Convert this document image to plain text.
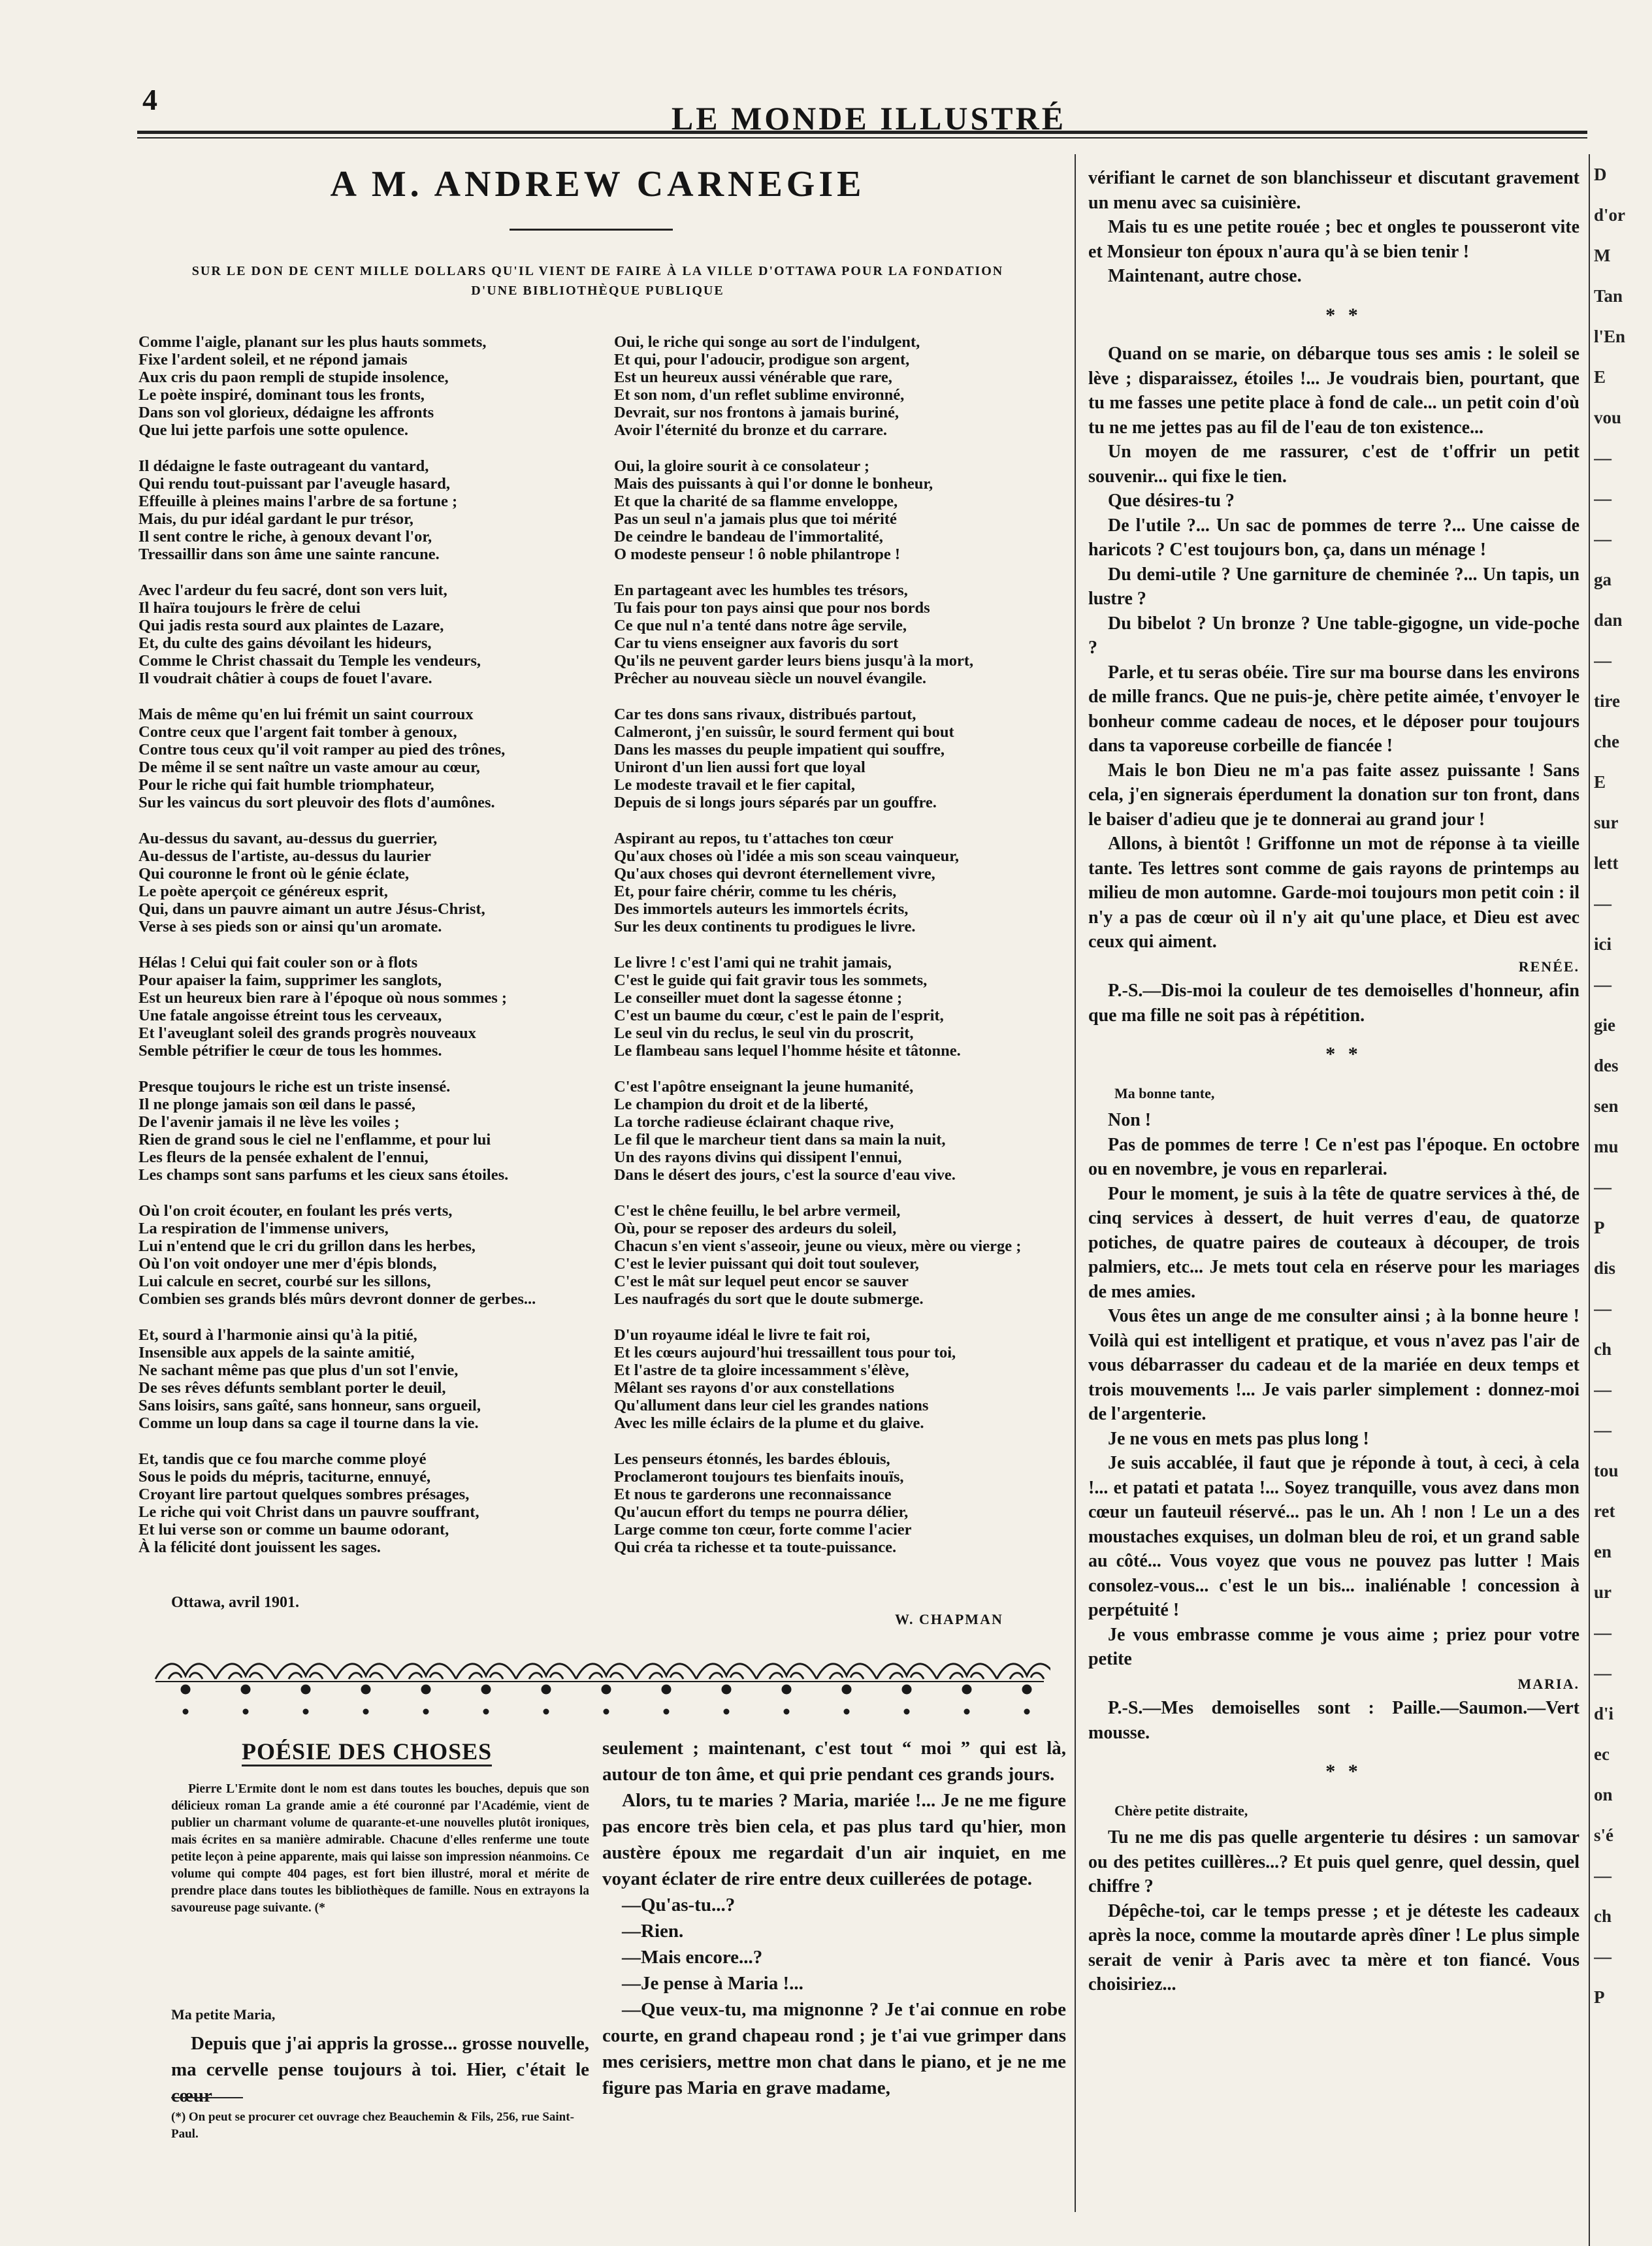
4
LE MONDE ILLUSTRÉ
A M. ANDREW CARNEGIE
SUR LE DON DE CENT MILLE DOLLARS QU'IL VIENT DE FAIRE À LA VILLE D'OTTAWA POUR LA FONDATION
D'UNE BIBLIOTHÈQUE PUBLIQUE

Comme l'aigle, planant sur les plus hauts sommets,
Fixe l'ardent soleil, et ne répond jamais
Aux cris du paon rempli de stupide insolence,
Le poète inspiré, dominant tous les fronts,
Dans son vol glorieux, dédaigne les affronts
Que lui jette parfois une sotte opulence.

Il dédaigne le faste outrageant du vantard,
Qui rendu tout-puissant par l'aveugle hasard,
Effeuille à pleines mains l'arbre de sa fortune ;
Mais, du pur idéal gardant le pur trésor,
Il sent contre le riche, à genoux devant l'or,
Tressaillir dans son âme une sainte rancune.

Avec l'ardeur du feu sacré, dont son vers luit,
Il haïra toujours le frère de celui
Qui jadis resta sourd aux plaintes de Lazare,
Et, du culte des gains dévoilant les hideurs,
Comme le Christ chassait du Temple les vendeurs,
Il voudrait châtier à coups de fouet l'avare.

Mais de même qu'en lui frémit un saint courroux
Contre ceux que l'argent fait tomber à genoux,
Contre tous ceux qu'il voit ramper au pied des trônes,
De même il se sent naître un vaste amour au cœur,
Pour le riche qui fait humble triomphateur,
Sur les vaincus du sort pleuvoir des flots d'aumônes.

Au-dessus du savant, au-dessus du guerrier,
Au-dessus de l'artiste, au-dessus du laurier
Qui couronne le front où le génie éclate,
Le poète aperçoit ce généreux esprit,
Qui, dans un pauvre aimant un autre Jésus-Christ,
Verse à ses pieds son or ainsi qu'un aromate.

Hélas ! Celui qui fait couler son or à flots
Pour apaiser la faim, supprimer les sanglots,
Est un heureux bien rare à l'époque où nous sommes ;
Une fatale angoisse étreint tous les cerveaux,
Et l'aveuglant soleil des grands progrès nouveaux
Semble pétrifier le cœur de tous les hommes.

Presque toujours le riche est un triste insensé.
Il ne plonge jamais son œil dans le passé,
De l'avenir jamais il ne lève les voiles ;
Rien de grand sous le ciel ne l'enflamme, et pour lui
Les fleurs de la pensée exhalent de l'ennui,
Les champs sont sans parfums et les cieux sans étoiles.

Où l'on croit écouter, en foulant les prés verts,
La respiration de l'immense univers,
Lui n'entend que le cri du grillon dans les herbes,
Où l'on voit ondoyer une mer d'épis blonds,
Lui calcule en secret, courbé sur les sillons,
Combien ses grands blés mûrs devront donner de gerbes...

Et, sourd à l'harmonie ainsi qu'à la pitié,
Insensible aux appels de la sainte amitié,
Ne sachant même pas que plus d'un sot l'envie,
De ses rêves défunts semblant porter le deuil,
Sans loisirs, sans gaîté, sans honneur, sans orgueil,
Comme un loup dans sa cage il tourne dans la vie.

Et, tandis que ce fou marche comme ployé
Sous le poids du mépris, taciturne, ennuyé,
Croyant lire partout quelques sombres présages,
Le riche qui voit Christ dans un pauvre souffrant,
Et lui verse son or comme un baume odorant,
À la félicité dont jouissent les sages.

Oui, le riche qui songe au sort de l'indulgent,
Et qui, pour l'adoucir, prodigue son argent,
Est un heureux aussi vénérable que rare,
Et son nom, d'un reflet sublime environné,
Devrait, sur nos frontons à jamais buriné,
Avoir l'éternité du bronze et du carrare.

Oui, la gloire sourit à ce consolateur ;
Mais des puissants à qui l'or donne le bonheur,
Et que la charité de sa flamme enveloppe,
Pas un seul n'a jamais plus que toi mérité
De ceindre le bandeau de l'immortalité,
O modeste penseur ! ô noble philantrope !

En partageant avec les humbles tes trésors,
Tu fais pour ton pays ainsi que pour nos bords
Ce que nul n'a tenté dans notre âge servile,
Car tu viens enseigner aux favoris du sort
Qu'ils ne peuvent garder leurs biens jusqu'à la mort,
Prêcher au nouveau siècle un nouvel évangile.

Car tes dons sans rivaux, distribués partout,
Calmeront, j'en suissûr, le sourd ferment qui bout
Dans les masses du peuple impatient qui souffre,
Uniront d'un lien aussi fort que loyal
Le modeste travail et le fier capital,
Depuis de si longs jours séparés par un gouffre.

Aspirant au repos, tu t'attaches ton cœur
Qu'aux choses où l'idée a mis son sceau vainqueur,
Qu'aux choses qui devront éternellement vivre,
Et, pour faire chérir, comme tu les chéris,
Des immortels auteurs les immortels écrits,
Sur les deux continents tu prodigues le livre.

Le livre ! c'est l'ami qui ne trahit jamais,
C'est le guide qui fait gravir tous les sommets,
Le conseiller muet dont la sagesse étonne ;
C'est un baume du cœur, c'est le pain de l'esprit,
Le seul vin du reclus, le seul vin du proscrit,
Le flambeau sans lequel l'homme hésite et tâtonne.

C'est l'apôtre enseignant la jeune humanité,
Le champion du droit et de la liberté,
La torche radieuse éclairant chaque rive,
Le fil que le marcheur tient dans sa main la nuit,
Un des rayons divins qui dissipent l'ennui,
Dans le désert des jours, c'est la source d'eau vive.

C'est le chêne feuillu, le bel arbre vermeil,
Où, pour se reposer des ardeurs du soleil,
Chacun s'en vient s'asseoir, jeune ou vieux, mère ou vierge ;
C'est le levier puissant qui doit tout soulever,
C'est le mât sur lequel peut encor se sauver
Les naufragés du sort que le doute submerge.

D'un royaume idéal le livre te fait roi,
Et les cœurs aujourd'hui tressaillent tous pour toi,
Et l'astre de ta gloire incessamment s'élève,
Mêlant ses rayons d'or aux constellations
Qu'allument dans leur ciel les grandes nations
Avec les mille éclairs de la plume et du glaive.

Les penseurs étonnés, les bardes éblouis,
Proclameront toujours tes bienfaits inouïs,
Et nous te garderons une reconnaissance
Qu'aucun effort du temps ne pourra délier,
Large comme ton cœur, forte comme l'acier
Qui créa ta richesse et ta toute-puissance.

Ottawa, avril 1901.
W. CHAPMAN
POÉSIE DES CHOSES

Pierre L'Ermite dont le nom est dans toutes les bouches, depuis que son délicieux roman La grande amie a été couronné par l'Académie, vient de publier un charmant volume de quarante-et-une nouvelles plutôt ironiques, mais écrites en sa manière admirable. Chacune d'elles renferme une toute petite leçon à peine apparente, mais qui laisse son impression néanmoins. Ce volume qui compte 404 pages, est fort bien illustré, moral et mérite de prendre place dans toutes les bibliothèques de famille. Nous en extrayons la savoureuse page suivante. (*

Ma petite Maria,

Depuis que j'ai appris la grosse... grosse nouvelle, ma cervelle pense toujours à toi. Hier, c'était le cœur

(*) On peut se procurer cet ouvrage chez Beauchemin & Fils, 256, rue Saint-Paul.

seulement ; maintenant, c'est tout “ moi ” qui est là, autour de ton âme, et qui prie pendant ces grands jours.

Alors, tu te maries ? Maria, mariée !... Je ne me figure pas encore très bien cela, et pas plus tard qu'hier, mon austère époux me regardait d'un air inquiet, en me voyant éclater de rire entre deux cuillerées de potage.

—Qu'as-tu...?

—Rien.

—Mais encore...?

—Je pense à Maria !...

—Que veux-tu, ma mignonne ? Je t'ai connue en robe courte, en grand chapeau rond ; je t'ai vue grimper dans mes cerisiers, mettre mon chat dans le piano, et je ne me figure pas Maria en grave madame,

vérifiant le carnet de son blanchisseur et discutant gravement un menu avec sa cuisinière.

Mais tu es une petite rouée ; bec et ongles te pousseront vite et Monsieur ton époux n'aura qu'à se bien tenir !

Maintenant, autre chose.

* *

Quand on se marie, on débarque tous ses amis : le soleil se lève ; disparaissez, étoiles !... Je voudrais bien, pourtant, que tu me fasses une petite place à fond de cale... un petit coin d'où tu ne me jettes pas au fil de l'eau de ton existence...

Un moyen de me rassurer, c'est de t'offrir un petit souvenir... qui fixe le tien.

Que désires-tu ?

De l'utile ?... Un sac de pommes de terre ?... Une caisse de haricots ? C'est toujours bon, ça, dans un ménage !

Du demi-utile ? Une garniture de cheminée ?... Un tapis, un lustre ?

Du bibelot ? Un bronze ? Une table-gigogne, un vide-poche ?

Parle, et tu seras obéie. Tire sur ma bourse dans les environs de mille francs. Que ne puis-je, chère petite aimée, t'envoyer le bonheur comme cadeau de noces, et le déposer pour toujours dans ta vaporeuse corbeille de fiancée !

Mais le bon Dieu ne m'a pas faite assez puissante ! Sans cela, j'en signerais éperdument la donation sur ton front, dans le baiser d'adieu que je te donnerai au grand jour !

Allons, à bientôt ! Griffonne un mot de réponse à ta vieille tante. Tes lettres sont comme de gais rayons de printemps au milieu de mon automne. Garde-moi toujours mon petit coin : il n'y a pas de cœur où il n'y ait qu'une place, et Dieu est avec ceux qui aiment.

RENÉE.

P.-S.—Dis-moi la couleur de tes demoiselles d'honneur, afin que ma fille ne soit pas à répétition.

* *

Ma bonne tante,

Non !

Pas de pommes de terre ! Ce n'est pas l'époque. En octobre ou en novembre, je vous en reparlerai.

Pour le moment, je suis à la tête de quatre services à thé, de cinq services à dessert, de huit verres d'eau, de quatorze potiches, de quatre paires de couteaux à découper, de trois palmiers, etc... Je mets tout cela en réserve pour les mariages de mes amies.

Vous êtes un ange de me consulter ainsi ; à la bonne heure ! Voilà qui est intelligent et pratique, et vous n'avez pas l'air de vous débarrasser du cadeau et de la mariée en deux temps et trois mouvements !... Je vais parler simplement : donnez-moi de l'argenterie.

Je ne vous en mets pas plus long !

Je suis accablée, il faut que je réponde à tout, à ceci, à cela !... et patati et patata !... Soyez tranquille, vous avez dans mon cœur un fauteuil réservé... pas le un. Ah ! non ! Le un a des moustaches exquises, un dolman bleu de roi, et un grand sable au côté... Vous voyez que vous ne pouvez pas lutter ! Mais consolez-vous... c'est le un bis... inaliénable ! concession à perpétuité !

Je vous embrasse comme je vous aime ; priez pour votre petite

MARIA.

P.-S.—Mes demoiselles sont : Paille.—Saumon.—Vert mousse.

* *

Chère petite distraite,

Tu ne me dis pas quelle argenterie tu désires : un samovar ou des petites cuillères...? Et puis quel genre, quel dessin, quel chiffre ?

Dépêche-toi, car le temps presse ; et je déteste les cadeaux après la noce, comme la moutarde après dîner ! Le plus simple serait de venir à Paris avec ta mère et ton fiancé. Vous choisiriez...

D
d'or
M
Tan
l'En
E
vou
—
—
—
ga
dan
—
tire
che
E
sur
lett
—
ici
—
gie
des
sen
mu
—
P
dis
—
ch
—
—
tou
ret
en
ur
—
—
d'i
ec
on
s'é
—
ch
—
P
